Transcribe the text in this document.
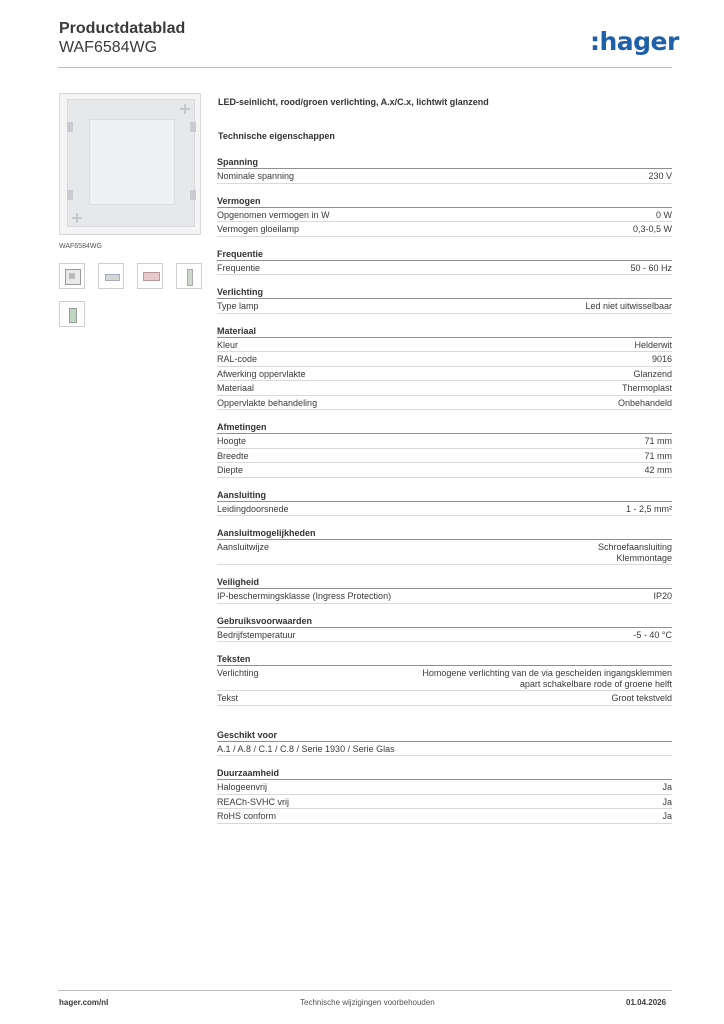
Productdatablad
WAF6584WG	:hager
WAF6584WG
LED-seinlicht, rood/groen verlichting, A.x/C.x, lichtwit glanzend
Technische eigenschappen
Spanning
Nominale spanning	230 V
Vermogen
Opgenomen vermogen in W	0 W
Vermogen gloeilamp	0,3-0,5 W
Frequentie
Frequentie	50 - 60 Hz
Verlichting
Type lamp	Led niet uitwisselbaar
Materiaal
Kleur	Helderwit
RAL-code	9016
Afwerking oppervlakte	Glanzend
Materiaal	Thermoplast
Oppervlakte behandeling	Onbehandeld
Afmetingen
Hoogte	71 mm
Breedte	71 mm
Diepte	42 mm
Aansluiting
Leidingdoorsnede	1 - 2,5 mm²
Aansluitmogelijkheden
Aansluitwijze	Schroefaansluiting
Klemmontage
Veiligheid
IP-beschermingsklasse (Ingress Protection)	IP20
Gebruiksvoorwaarden
Bedrijfstemperatuur	-5 - 40 °C
Teksten
Verlichting	Homogene verlichting van de via gescheiden ingangsklemmen
apart schakelbare rode of groene helft
Tekst	Groot tekstveld
Geschikt voor
A.1 / A.8 / C.1 / C.8 / Serie 1930 / Serie Glas
Duurzaamheid
Halogeenvrij	Ja
REACh-SVHC vrij	Ja
RoHS conform	Ja
hager.com/nl	Technische wijzigingen voorbehouden	01.04.2026
